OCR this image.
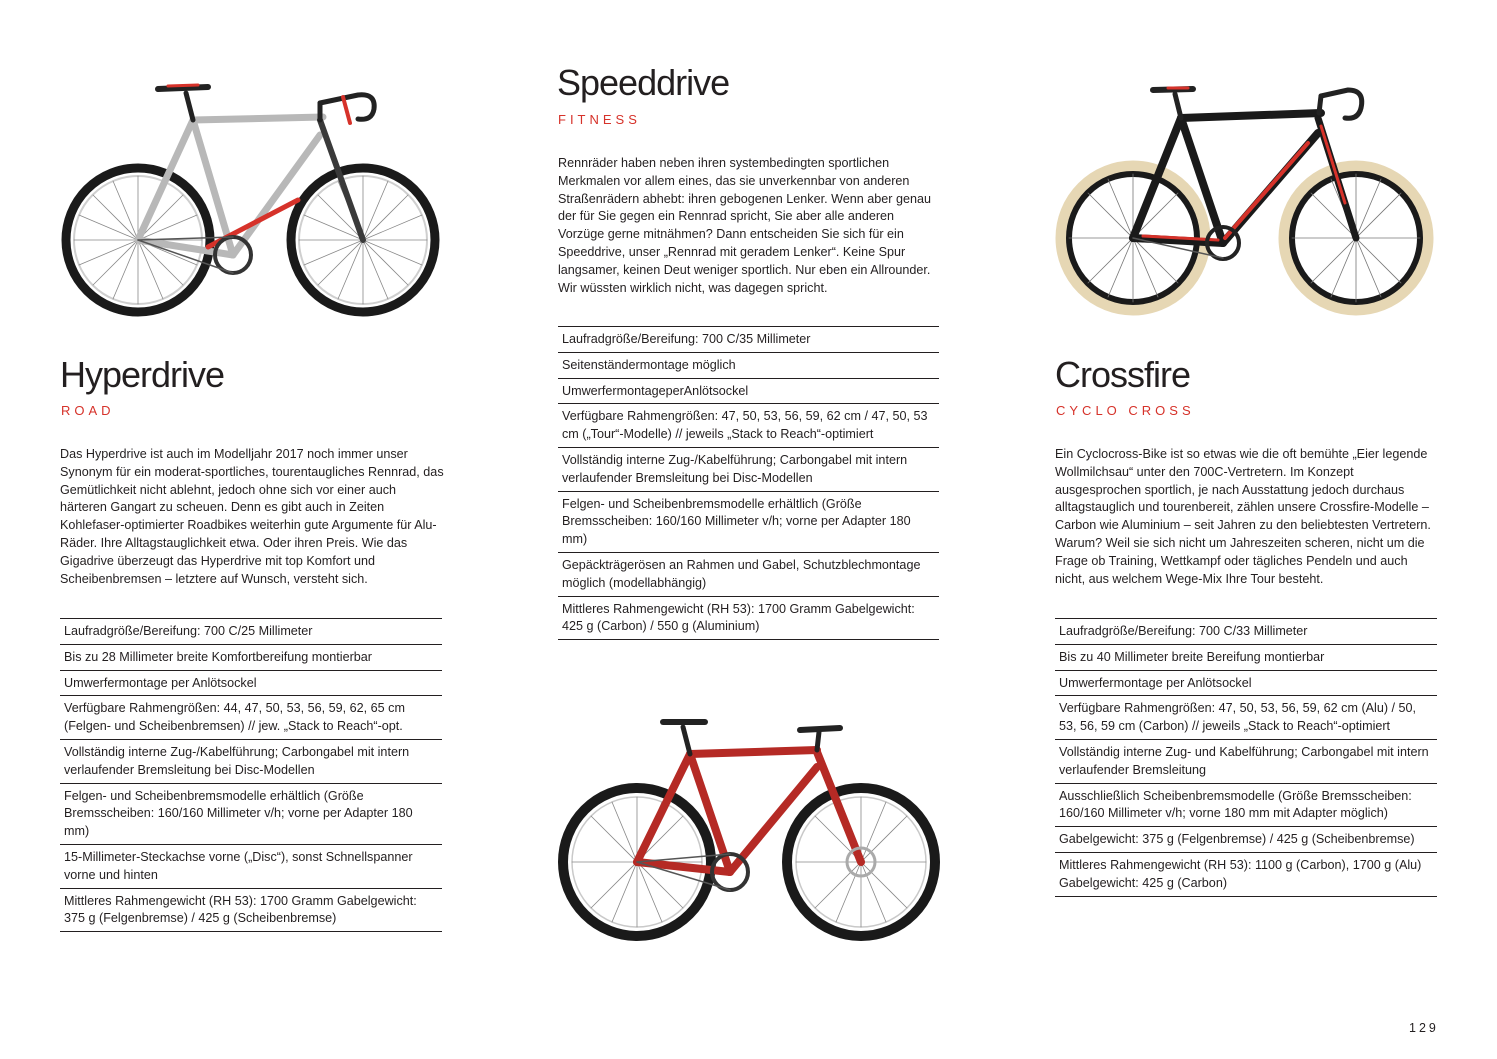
Hyperdrive
ROAD

Das Hyperdrive ist auch im Modelljahr 2017 noch immer unser Synonym für ein moderat-sportliches, tourentaugliches Rennrad, das Gemütlichkeit nicht ablehnt, jedoch ohne sich vor einer auch härteren Gangart zu scheuen. Denn es gibt auch in Zeiten Kohlefaser-optimierter Roadbikes weiterhin gute Argumente für Alu-Räder. Ihre Alltagstauglichkeit etwa. Oder ihren Preis. Wie das Gigadrive überzeugt das Hyperdrive mit top Komfort und Scheibenbremsen – letztere auf Wunsch, versteht sich.

Laufradgröße/Bereifung: 700 C/25 Millimeter
Bis zu 28 Millimeter breite Komfortbereifung montierbar
Umwerfermontage per Anlötsockel
Verfügbare Rahmengrößen: 44, 47, 50, 53, 56, 59, 62, 65 cm (Felgen- und Scheibenbremsen) // jew. „Stack to Reach“-opt.
Vollständig interne Zug-/Kabelführung; Carbongabel mit intern verlaufender Bremsleitung bei Disc-Modellen
Felgen- und Scheibenbremsmodelle erhältlich (Größe Bremsscheiben: 160/160 Millimeter v/h; vorne per Adapter 180 mm)
15-Millimeter-Steckachse vorne („Disc“), sonst Schnellspanner vorne und hinten
Mittleres Rahmengewicht (RH 53): 1700 Gramm Gabelgewicht: 375 g (Felgenbremse) / 425 g (Scheibenbremse)
Speeddrive
FITNESS

Rennräder haben neben ihren systembedingten sportlichen Merkmalen vor allem eines, das sie unverkennbar von anderen Straßenrädern abhebt: ihren gebogenen Lenker. Wenn aber genau der für Sie gegen ein Rennrad spricht, Sie aber alle anderen Vorzüge gerne mitnähmen? Dann entscheiden Sie sich für ein Speeddrive, unser „Rennrad mit geradem Lenker“. Keine Spur langsamer, keinen Deut weniger sportlich. Nur eben ein Allrounder. Wir wüssten wirklich nicht, was dagegen spricht.

Laufradgröße/Bereifung: 700 C/35 Millimeter
Seitenständermontage möglich
UmwerfermontageperAnlötsockel
Verfügbare Rahmengrößen: 47, 50, 53, 56, 59, 62 cm / 47, 50, 53 cm („Tour“-Modelle) // jeweils „Stack to Reach“-optimiert
Vollständig interne Zug-/Kabelführung; Carbongabel mit intern verlaufender Bremsleitung bei Disc-Modellen
Felgen- und Scheibenbremsmodelle erhältlich (Größe Bremsscheiben: 160/160 Millimeter v/h; vorne per Adapter 180 mm)
Gepäckträgerösen an Rahmen und Gabel, Schutzblechmontage möglich (modellabhängig)
Mittleres Rahmengewicht (RH 53): 1700 Gramm Gabelgewicht: 425 g (Carbon) / 550 g (Aluminium)
Crossfire
CYCLO CROSS

Ein Cyclocross-Bike ist so etwas wie die oft bemühte „Eier legende Wollmilchsau“ unter den 700C-Vertretern. Im Konzept ausgesprochen sportlich, je nach Ausstattung jedoch durchaus alltagstauglich und tourenbereit, zählen unsere Crossfire-Modelle – Carbon wie Aluminium – seit Jahren zu den beliebtesten Vertretern. Warum? Weil sie sich nicht um Jahreszeiten scheren, nicht um die Frage ob Training, Wettkampf oder tägliches Pendeln und auch nicht, aus welchem Wege-Mix Ihre Tour besteht.

Laufradgröße/Bereifung: 700 C/33 Millimeter
Bis zu 40 Millimeter breite Bereifung montierbar
Umwerfermontage per Anlötsockel
Verfügbare Rahmengrößen: 47, 50, 53, 56, 59, 62 cm (Alu) / 50, 53, 56, 59 cm (Carbon) // jeweils „Stack to Reach“-optimiert
Vollständig interne Zug- und Kabelführung; Carbongabel mit intern verlaufender Bremsleitung
Ausschließlich Scheibenbremsmodelle (Größe Bremsscheiben: 160/160 Millimeter v/h; vorne 180 mm mit Adapter möglich)
Gabelgewicht: 375 g (Felgenbremse) / 425 g (Scheibenbremse)
Mittleres Rahmengewicht (RH 53): 1100 g (Carbon), 1700 g (Alu) Gabelgewicht: 425 g (Carbon)
129
